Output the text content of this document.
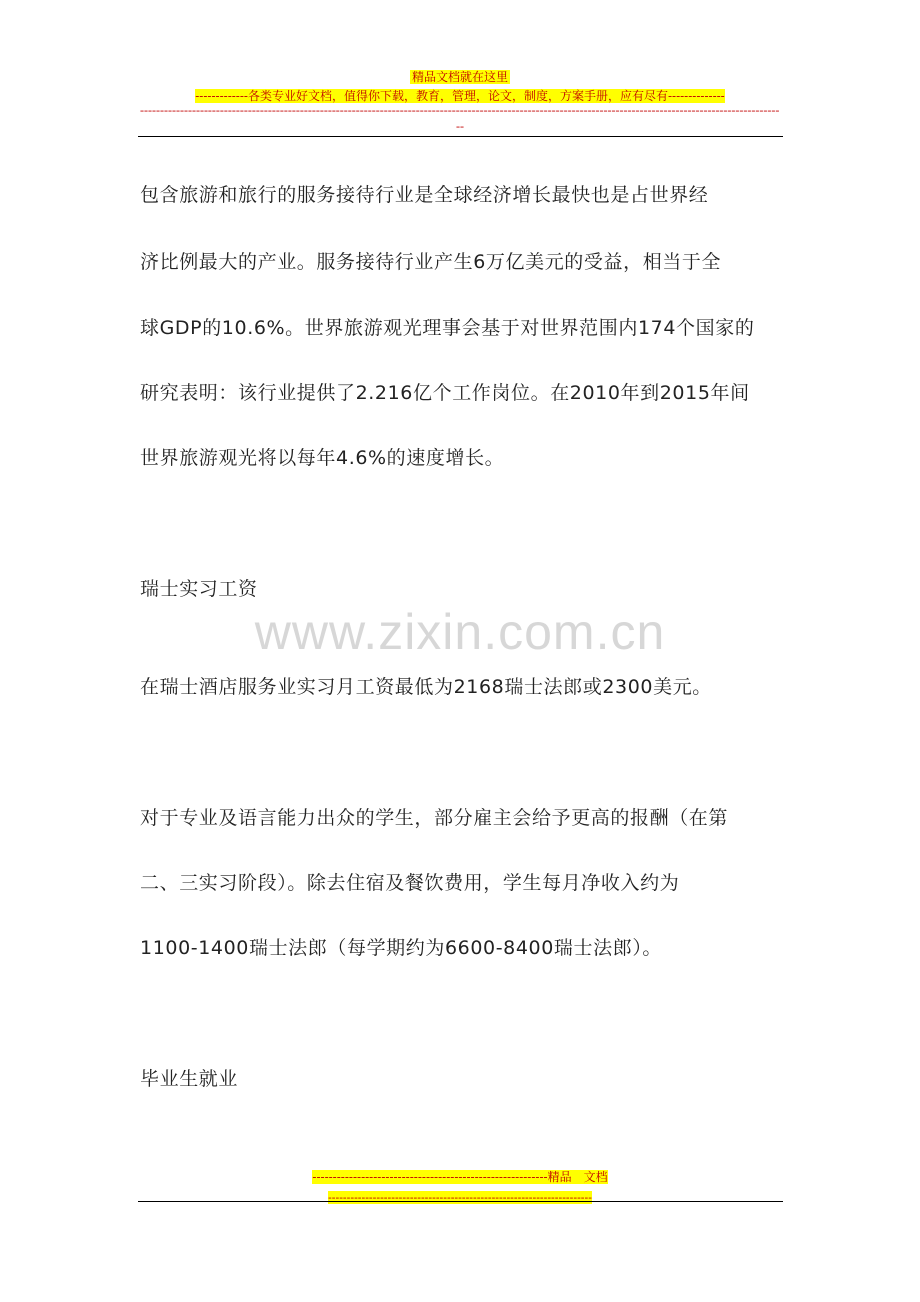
精品文档就在这里
-------------各类专业好文档，值得你下载，教育，管理，论文，制度，方案手册，应有尽有--------------
----------------------------------------------------------------------------------------------------------------------------------------------------------------
--

包含旅游和旅行的服务接待行业是全球经济增长最快也是占世界经

济比例最大的产业。服务接待行业产生6万亿美元的受益，相当于全

球GDP的10.6%。世界旅游观光理事会基于对世界范围内174个国家的

研究表明：该行业提供了2.216亿个工作岗位。在2010年到2015年间

世界旅游观光将以每年4.6%的速度增长。

瑞士实习工资

www.zixin.com.cn

在瑞士酒店服务业实习月工资最低为2168瑞士法郎或2300美元。

对于专业及语言能力出众的学生，部分雇主会给予更高的报酬（在第

二、三实习阶段）。除去住宿及餐饮费用，学生每月净收入约为

1100-1400瑞士法郎（每学期约为6600-8400瑞士法郎）。

毕业生就业

----------------------------------------------------------精品　文档
-----------------------------------------------------------------------
